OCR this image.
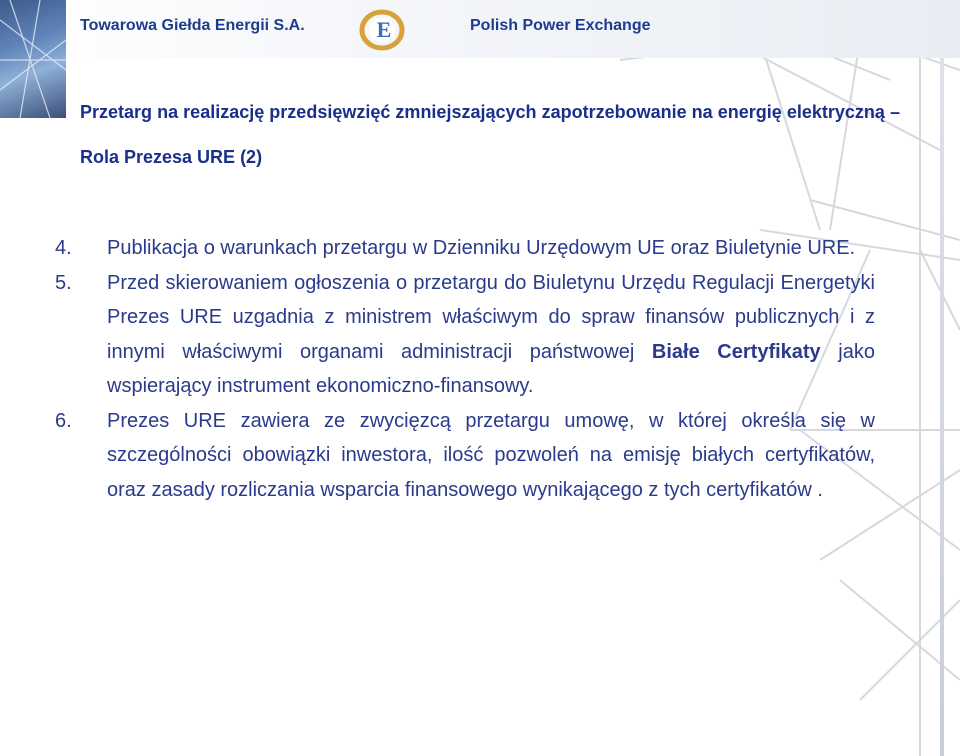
Towarowa Giełda Energii S.A.	E	Polish Power Exchange
Przetarg na realizację przedsięwzięć zmniejszających zapotrzebowanie na energię elektryczną – Rola Prezesa URE (2)
4. Publikacja o warunkach przetargu w Dzienniku Urzędowym UE oraz Biuletynie URE.
5. Przed skierowaniem ogłoszenia o przetargu do Biuletynu Urzędu Regulacji Energetyki Prezes URE uzgadnia z ministrem właściwym do spraw finansów publicznych i z innymi właściwymi organami administracji państwowej Białe Certyfikaty jako wspierający instrument ekonomiczno-finansowy.
6. Prezes URE zawiera ze zwycięzcą przetargu umowę, w której określa się w szczególności obowiązki inwestora, ilość pozwoleń na emisję białych certyfikatów, oraz zasady rozliczania wsparcia finansowego wynikającego z tych certyfikatów .
